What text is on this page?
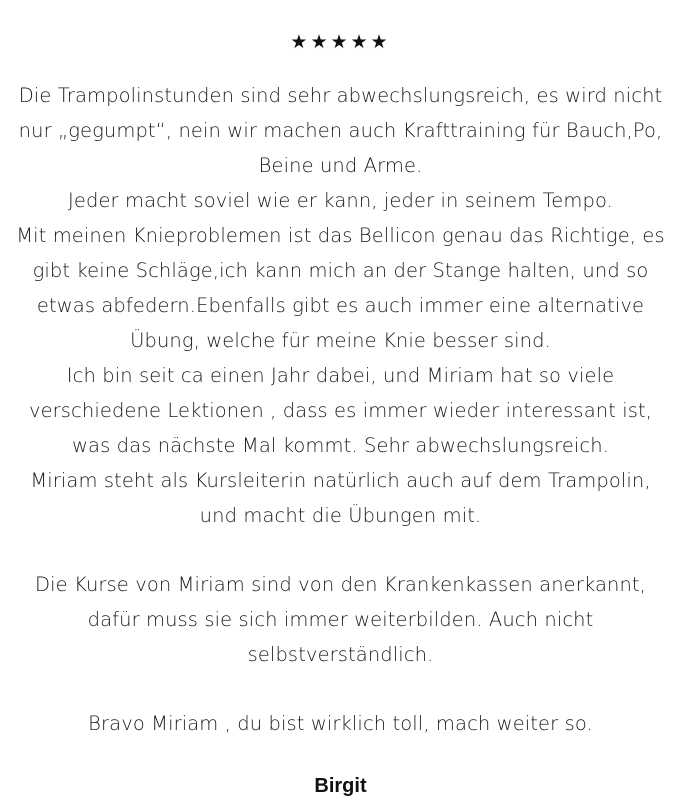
★★★★★

Die Trampolinstunden sind sehr abwechslungsreich, es wird nicht nur „gegumpt“, nein wir machen auch Krafttraining für Bauch,Po, Beine und Arme.
Jeder macht soviel wie er kann, jeder in seinem Tempo.
Mit meinen Knieproblemen ist das Bellicon genau das Richtige, es gibt keine Schläge,ich kann mich an der Stange halten, und so etwas abfedern.Ebenfalls gibt es auch immer eine alternative Übung, welche für meine Knie besser sind.
Ich bin seit ca einen Jahr dabei, und Miriam hat so viele verschiedene Lektionen , dass es immer wieder interessant ist, was das nächste Mal kommt. Sehr abwechslungsreich.
Miriam steht als Kursleiterin natürlich auch auf dem Trampolin, und macht die Übungen mit.

Die Kurse von Miriam sind von den Krankenkassen anerkannt, dafür muss sie sich immer weiterbilden. Auch nicht selbstverständlich.

Bravo Miriam , du bist wirklich toll, mach weiter so.

Birgit
